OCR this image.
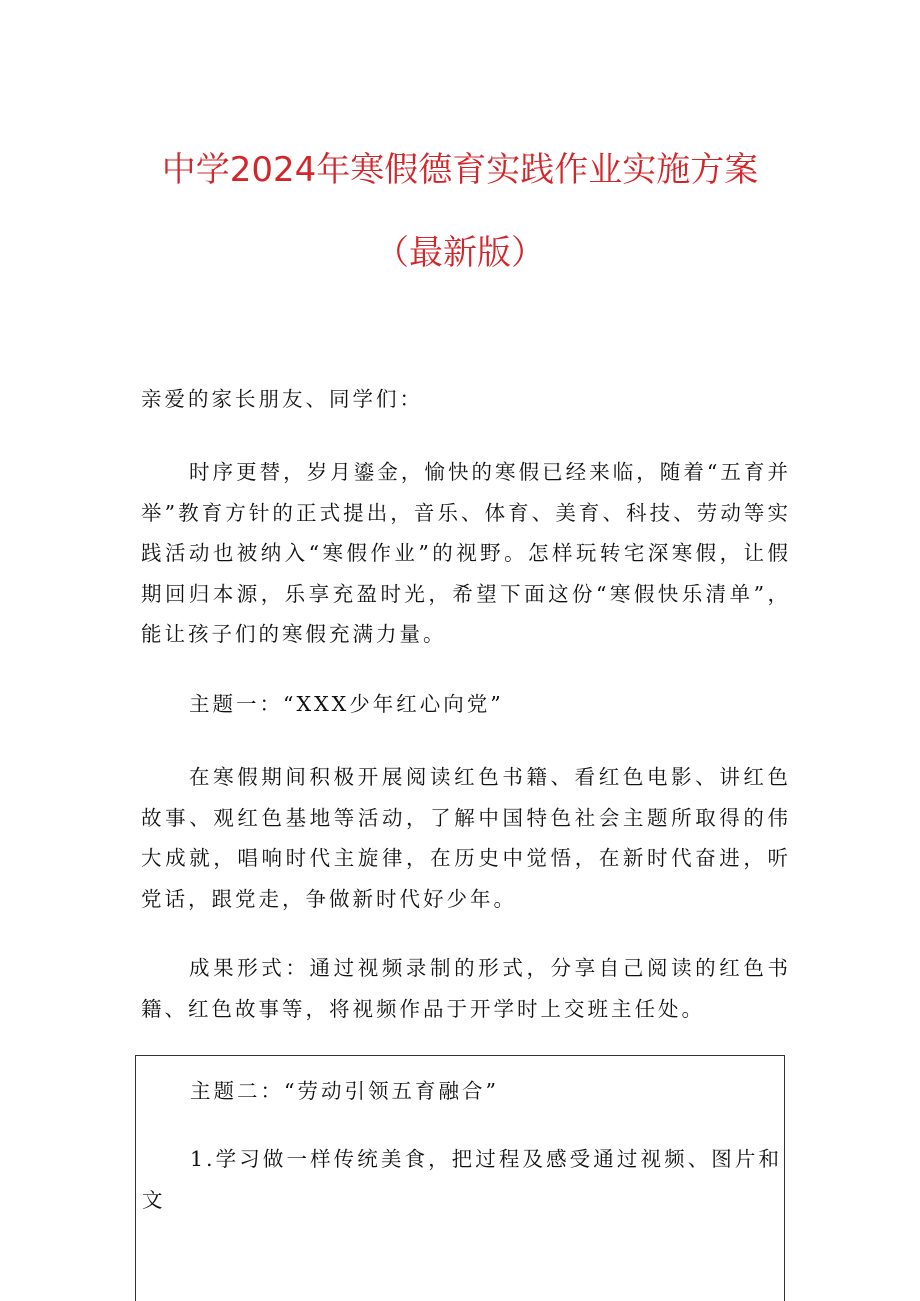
中学2024年寒假德育实践作业实施方案
（最新版）

亲爱的家长朋友、同学们：

时序更替，岁月鎏金，愉快的寒假已经来临，随着“五育并举”教育方针的正式提出，音乐、体育、美育、科技、劳动等实践活动也被纳入“寒假作业”的视野。怎样玩转宅深寒假，让假期回归本源，乐享充盈时光，希望下面这份“寒假快乐清单”，能让孩子们的寒假充满力量。

主题一：“XXX少年红心向党”

在寒假期间积极开展阅读红色书籍、看红色电影、讲红色故事、观红色基地等活动，了解中国特色社会主题所取得的伟大成就，唱响时代主旋律，在历史中觉悟，在新时代奋进，听党话，跟党走，争做新时代好少年。

成果形式：通过视频录制的形式，分享自己阅读的红色书籍、红色故事等，将视频作品于开学时上交班主任处。

主题二：“劳动引领五育融合”

1.学习做一样传统美食，把过程及感受通过视频、图片和文
